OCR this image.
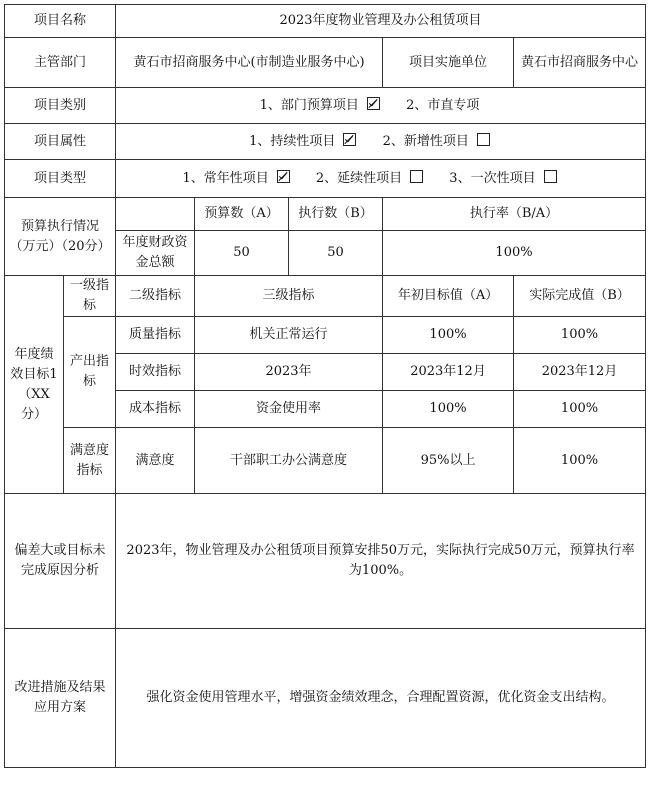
项目名称		2023年度物业管理及办公租赁项目				
主管部门		黄石市招商服务中心(市制造业服务中心)			项目实施单位	黄石市招商服务中心
项目类别		1、部门预算项目 2、市直专项				
项目属性		1、持续性项目 2、新增性项目				
项目类型		1、常年性项目 2、延续性项目 3、一次性项目				
预算执行情况（万元）（20分）			预算数（A）	执行数（B）	执行率（B/A）	
		年度财政资金总额	50	50	100%	
年度绩效目标1（XX分）	一级指标	二级指标	三级指标		年初目标值（A）	实际完成值（B）
	产出指标	质量指标	机关正常运行		100%	100%
		时效指标	2023年		2023年12月	2023年12月
		成本指标	资金使用率		100%	100%
	满意度指标	满意度	干部职工办公满意度		95%以上	100%
偏差大或目标未完成原因分析		2023年，物业管理及办公租赁项目预算安排50万元，实际执行完成50万元，预算执行率为100%。				
改进措施及结果应用方案		强化资金使用管理水平，增强资金绩效理念，合理配置资源，优化资金支出结构。				
